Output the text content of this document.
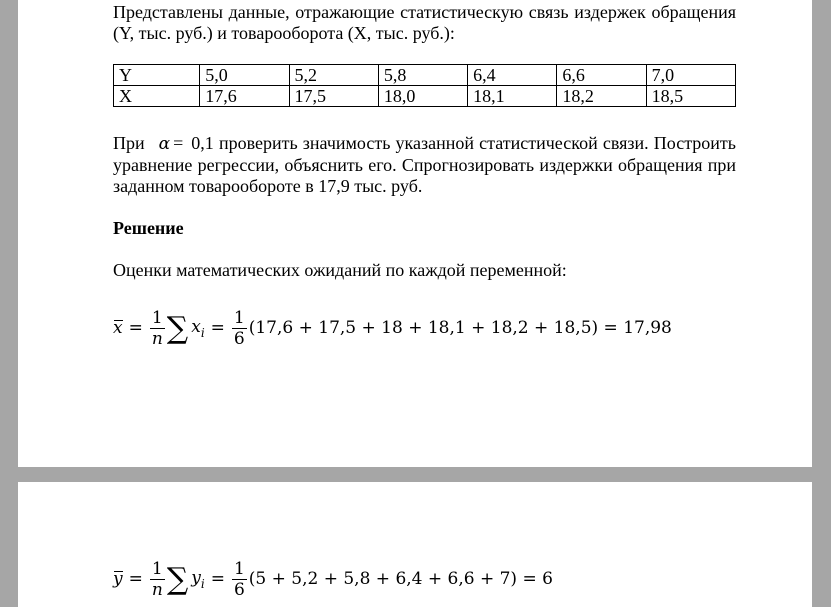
Представлены данные, отражающие статистическую связь издержек обращения (Y, тыс. руб.) и товарооборота (X, тыс. руб.):

Y	5,0	5,2	5,8	6,4	6,6	7,0
X	17,6	17,5	18,0	18,1	18,2	18,5

При α = 0,1 проверить значимость указанной статистической связи. Построить уравнение регрессии, объяснить его. Спрогнозировать издержки обращения при заданном товарообороте в 17,9 тыс. руб.

Решение
Оценки математических ожиданий по каждой переменной:
$x = \frac{1}{n}$ ∑ $x_i = \frac{1}{6} (17,6 + 17,5 + 18 + 18,1 + 18,2 + 18,5) = 17,98$
$y = \frac{1}{n}$ ∑ $y_i = \frac{1}{6} (5 + 5,2 + 5,8 + 6,4 + 6,6 + 7) = 6$
